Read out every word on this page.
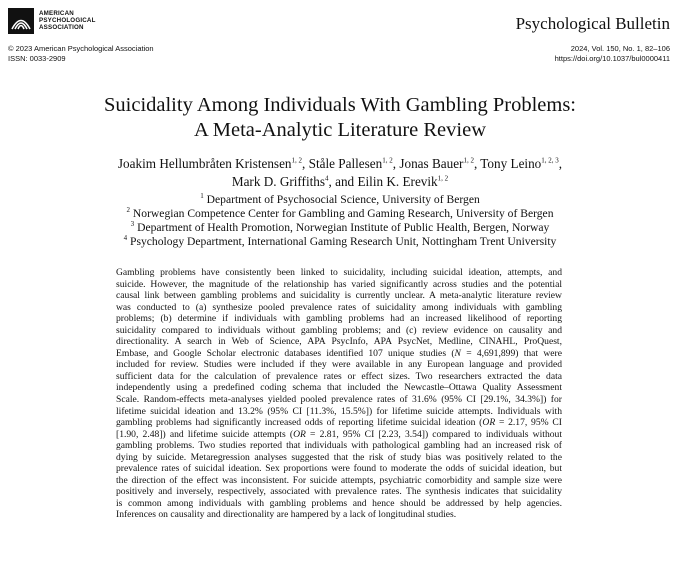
AMERICAN
PSYCHOLOGICAL
ASSOCIATION	Psychological Bulletin
© 2023 American Psychological Association
ISSN: 0033-2909
2024, Vol. 150, No. 1, 82–106
https://doi.org/10.1037/bul0000411
Suicidality Among Individuals With Gambling Problems:
A Meta-Analytic Literature Review
Joakim Hellumbråten Kristensen$^{1, 2}$, Ståle Pallesen$^{1, 2}$, Jonas Bauer$^{1, 2}$, Tony Leino$^{1, 2, 3}$,
Mark D. Griffiths$^4$, and Eilin K. Erevik$^{1, 2}$
$^1$ Department of Psychosocial Science, University of Bergen
$^2$ Norwegian Competence Center for Gambling and Gaming Research, University of Bergen
$^3$ Department of Health Promotion, Norwegian Institute of Public Health, Bergen, Norway
$^4$ Psychology Department, International Gaming Research Unit, Nottingham Trent University
Gambling problems have consistently been linked to suicidality, including suicidal ideation, attempts, and
suicide. However, the magnitude of the relationship has varied significantly across studies and the potential
causal link between gambling problems and suicidality is currently unclear. A meta-analytic literature review
was conducted to (a) synthesize pooled prevalence rates of suicidality among individuals with gambling
problems; (b) determine if individuals with gambling problems had an increased likelihood of reporting
suicidality compared to individuals without gambling problems; and (c) review evidence on causality and
directionality. A search in Web of Science, APA PsycInfo, APA PsycNet, Medline, CINAHL, ProQuest,
Embase, and Google Scholar electronic databases identified 107 unique studies (N = 4,691,899) that were
included for review. Studies were included if they were available in any European language and provided
sufficient data for the calculation of prevalence rates or effect sizes. Two researchers extracted the data
independently using a predefined coding schema that included the Newcastle–Ottawa Quality Assessment
Scale. Random-effects meta-analyses yielded pooled prevalence rates of 31.6% (95% CI [29.1%, 34.3%]) for
lifetime suicidal ideation and 13.2% (95% CI [11.3%, 15.5%]) for lifetime suicide attempts. Individuals with
gambling problems had significantly increased odds of reporting lifetime suicidal ideation (OR = 2.17, 95% CI
[1.90, 2.48]) and lifetime suicide attempts (OR = 2.81, 95% CI [2.23, 3.54]) compared to individuals without
gambling problems. Two studies reported that individuals with pathological gambling had an increased risk of
dying by suicide. Metaregression analyses suggested that the risk of study bias was positively related to the
prevalence rates of suicidal ideation. Sex proportions were found to moderate the odds of suicidal ideation, but
the direction of the effect was inconsistent. For suicide attempts, psychiatric comorbidity and sample size were
positively and inversely, respectively, associated with prevalence rates. The synthesis indicates that suicidality
is common among individuals with gambling problems and hence should be addressed by help agencies.
Inferences on causality and directionality are hampered by a lack of longitudinal studies.
